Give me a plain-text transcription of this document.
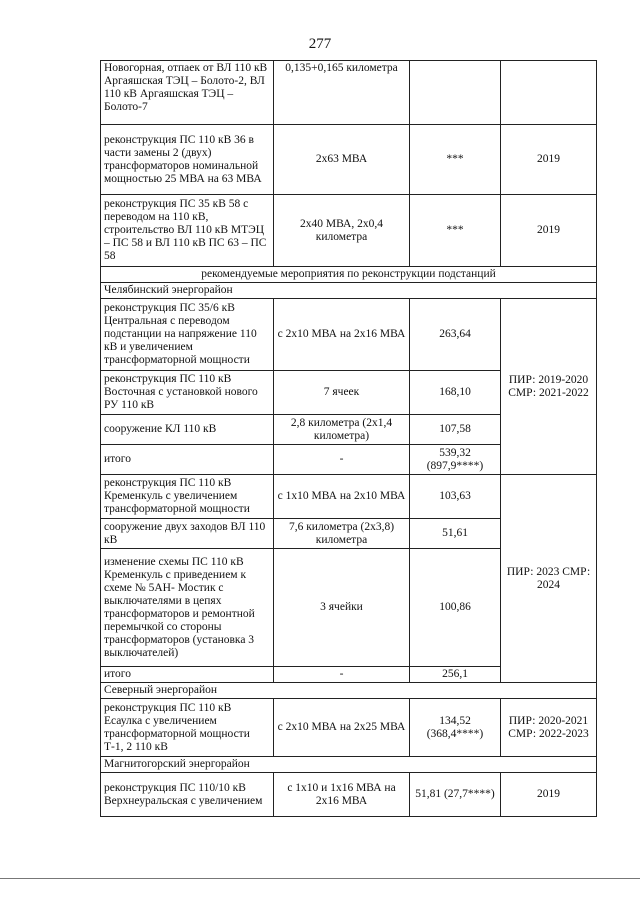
277
Новогорная, отпаек от ВЛ 110 кВ Аргаяшская ТЭЦ – Болото-2, ВЛ 110 кВ Аргаяшская ТЭЦ – Болото-7	0,135+0,165 километра		
реконструкция ПС 110 кВ 36 в части замены 2 (двух) трансформаторов номинальной мощностью 25 МВА на 63 МВА	2х63 МВА	***	2019
реконструкция ПС 35 кВ 58 с переводом на 110 кВ, строительство ВЛ 110 кВ МТЭЦ – ПС 58 и ВЛ 110 кВ ПС 63 – ПС 58	2х40 МВА, 2х0,4 километра	***	2019
рекомендуемые мероприятия по реконструкции подстанций			
Челябинский энергорайон			
реконструкция ПС 35/6 кВ Центральная с переводом подстанции на напряжение 110 кВ и увеличением трансформаторной мощности	с 2х10 МВА на 2х16 МВА	263,64	ПИР: 2019-2020 СМР: 2021-2022
реконструкция ПС 110 кВ Восточная с установкой нового РУ 110 кВ	7 ячеек	168,10	
сооружение КЛ 110 кВ	2,8 километра (2х1,4 километра)	107,58	
итого	-	539,32 (897,9****)	
реконструкция ПС 110 кВ Кременкуль с увеличением трансформаторной мощности	с 1х10 МВА на 2х10 МВА	103,63	ПИР: 2023 СМР: 2024
сооружение двух заходов ВЛ 110 кВ	7,6 километра (2х3,8) километра	51,61	
изменение схемы ПС 110 кВ Кременкуль с приведением к схеме № 5АН- Мостик с выключателями в цепях трансформаторов и ремонтной перемычкой со стороны трансформаторов (установка 3 выключателей)	3 ячейки	100,86	
итого	-	256,1	
Северный энергорайон			
реконструкция ПС 110 кВ Есаулка с увеличением трансформаторной мощности Т-1, 2 110 кВ	с 2х10 МВА на 2х25 МВА	134,52 (368,4****)	ПИР: 2020-2021 СМР: 2022-2023
Магнитогорский энергорайон			
реконструкция ПС 110/10 кВ Верхнеуральская с увеличением	с 1х10 и 1х16 МВА на 2х16 МВА	51,81 (27,7****)	2019
